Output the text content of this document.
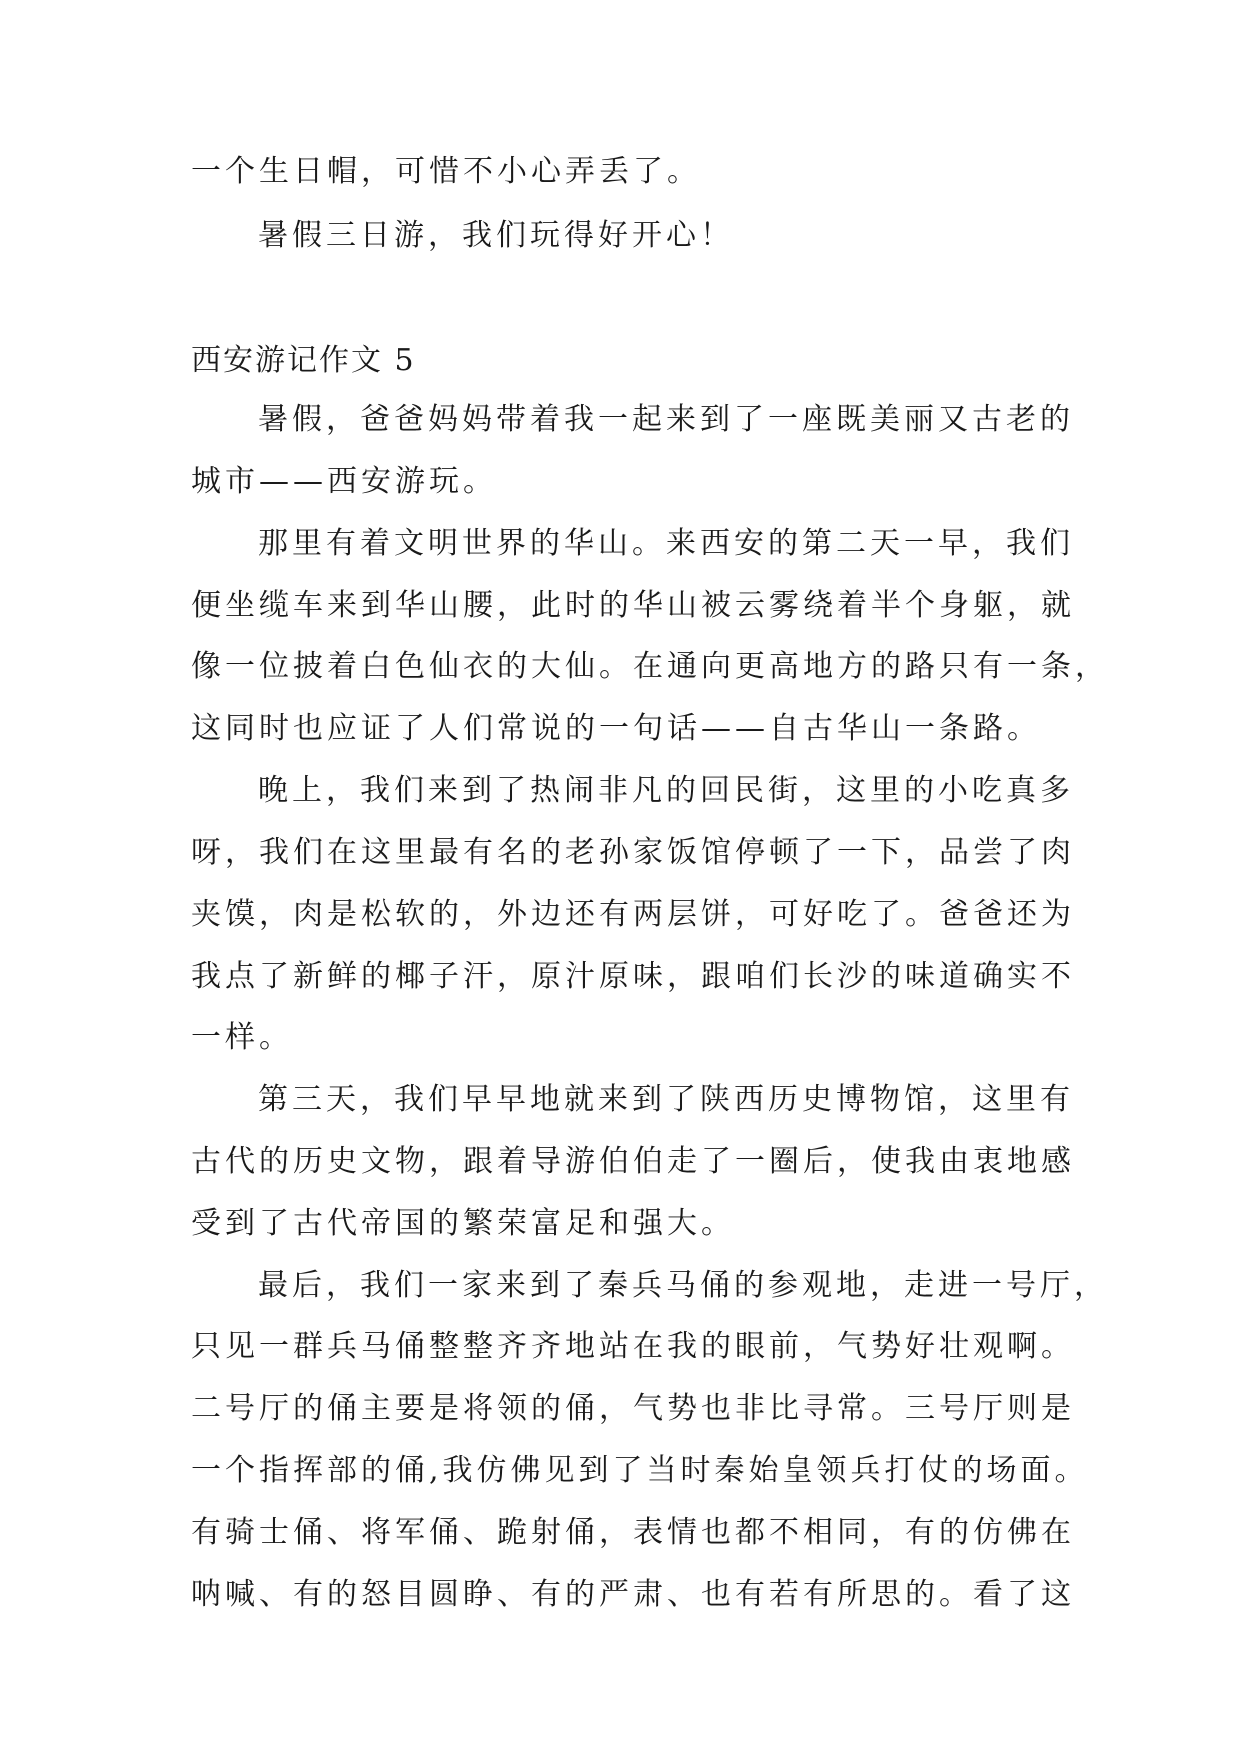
一个生日帽，可惜不小心弄丢了。
暑假三日游，我们玩得好开心！
西安游记作文 5
暑假，爸爸妈妈带着我一起来到了一座既美丽又古老的
城市——西安游玩。
那里有着文明世界的华山。来西安的第二天一早，我们
便坐缆车来到华山腰，此时的华山被云雾绕着半个身躯，就
像一位披着白色仙衣的大仙。在通向更高地方的路只有一条，
这同时也应证了人们常说的一句话——自古华山一条路。
晚上，我们来到了热闹非凡的回民街，这里的小吃真多
呀，我们在这里最有名的老孙家饭馆停顿了一下，品尝了肉
夹馍，肉是松软的，外边还有两层饼，可好吃了。爸爸还为
我点了新鲜的椰子汗，原汁原味，跟咱们长沙的味道确实不
一样。
第三天，我们早早地就来到了陕西历史博物馆，这里有
古代的历史文物，跟着导游伯伯走了一圈后，使我由衷地感
受到了古代帝国的繁荣富足和强大。
最后，我们一家来到了秦兵马俑的参观地，走进一号厅，
只见一群兵马俑整整齐齐地站在我的眼前，气势好壮观啊。
二号厅的俑主要是将领的俑，气势也非比寻常。三号厅则是
一个指挥部的俑,我仿佛见到了当时秦始皇领兵打仗的场面。
有骑士俑、将军俑、跪射俑，表情也都不相同，有的仿佛在
呐喊、有的怒目圆睁、有的严肃、也有若有所思的。看了这
